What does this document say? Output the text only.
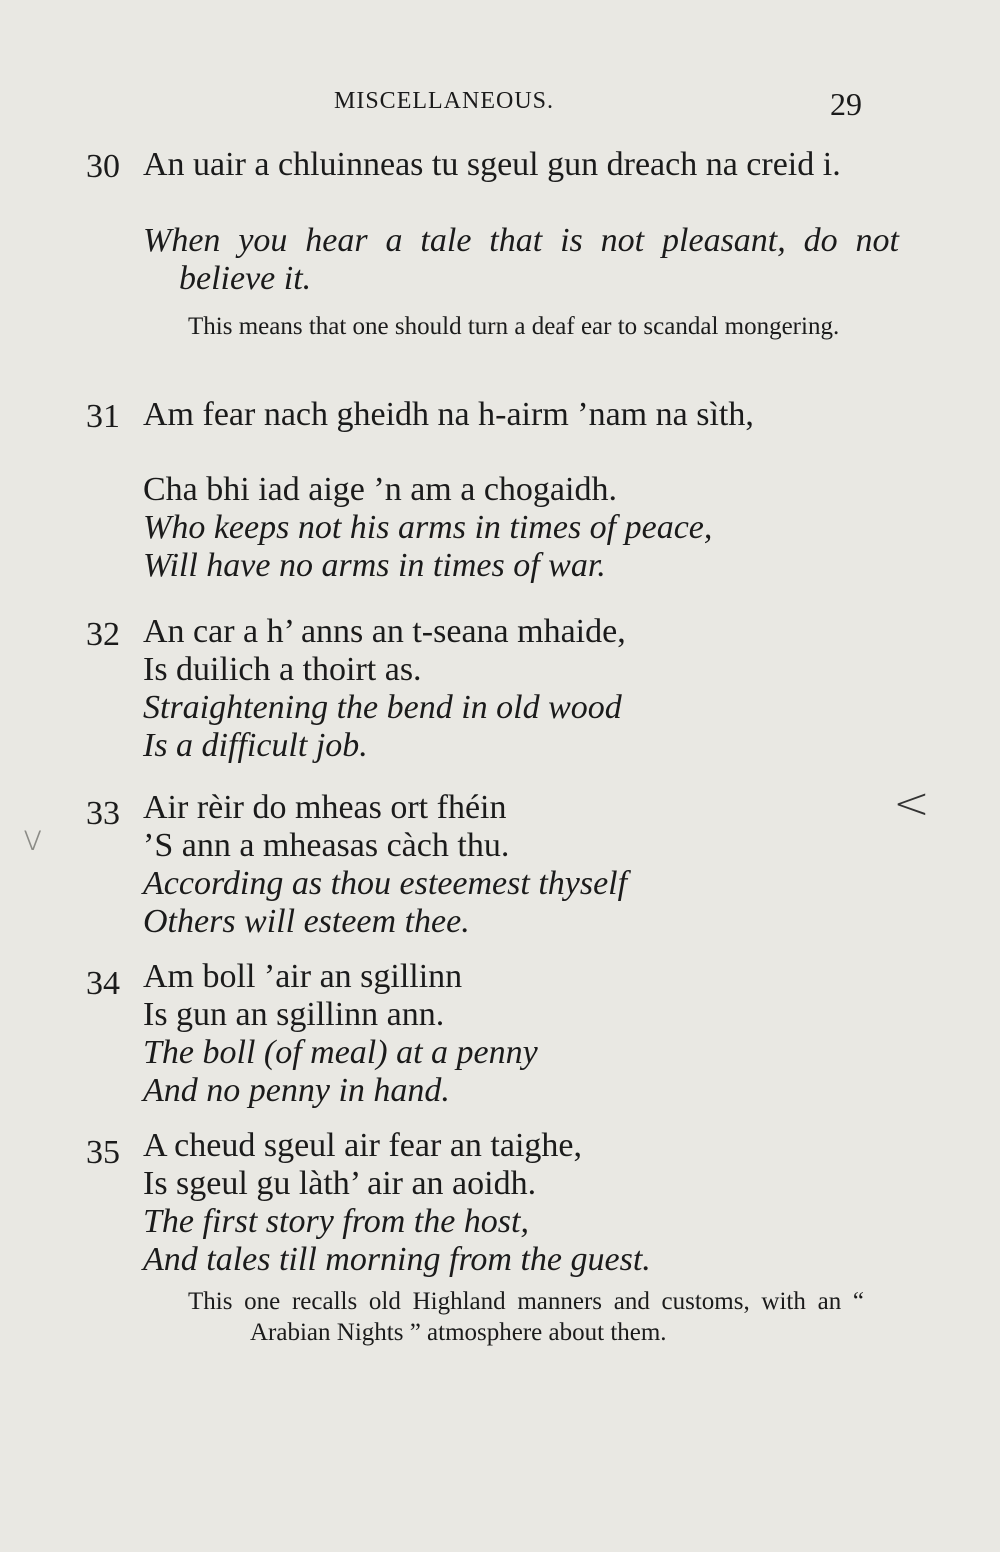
MISCELLANEOUS.	29
30 An uair a chluinneas tu sgeul gun dreach na creid i.

When you hear a tale that is not pleasant, do not believe it.

This means that one should turn a deaf ear to scandal mongering.

31 Am fear nach gheidh na h-airm ’nam na sìth,

Cha bhi iad aige ’n am a chogaidh.

Who keeps not his arms in times of peace,
Will have no arms in times of war.

32 An car a h’ anns an t-seana mhaide,
Is duilich a thoirt as.

Straightening the bend in old wood
Is a difficult job.

33 Air rèir do mheas ort fhéin
’S ann a mheasas càch thu.

According as thou esteemest thyself
Others will esteem thee.

34 Am boll ’air an sgillinn
Is gun an sgillinn ann.

The boll (of meal) at a penny
And no penny in hand.

35 A cheud sgeul air fear an taighe,
Is sgeul gu làth’ air an aoidh.

The first story from the host,
And tales till morning from the guest.

This one recalls old Highland manners and customs, with an “ Arabian Nights ” atmosphere about them.

<
v
